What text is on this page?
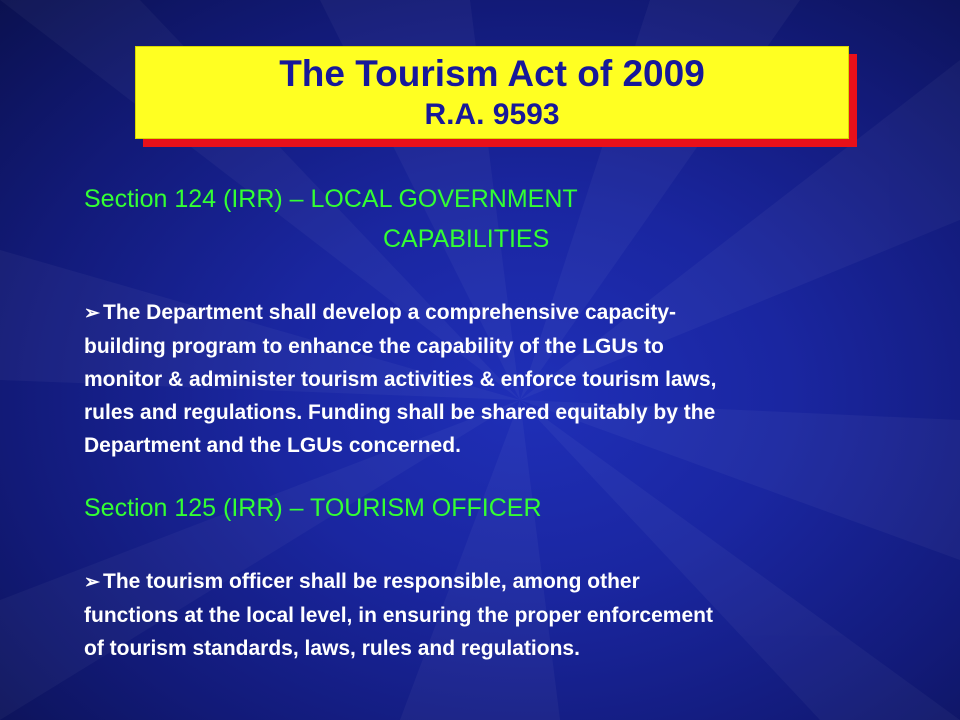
The Tourism Act of 2009
R.A. 9593
Section 124 (IRR) – LOCAL GOVERNMENT
CAPABILITIES
➢ The Department shall develop a comprehensive capacity-
building program to enhance the capability of the LGUs to
monitor & administer tourism activities & enforce tourism laws,
rules and regulations. Funding shall be shared equitably by the
Department and the LGUs concerned.
Section 125 (IRR) – TOURISM OFFICER
➢ The tourism officer shall be responsible, among other
functions at the local level, in ensuring the proper enforcement
of tourism standards, laws, rules and regulations.
